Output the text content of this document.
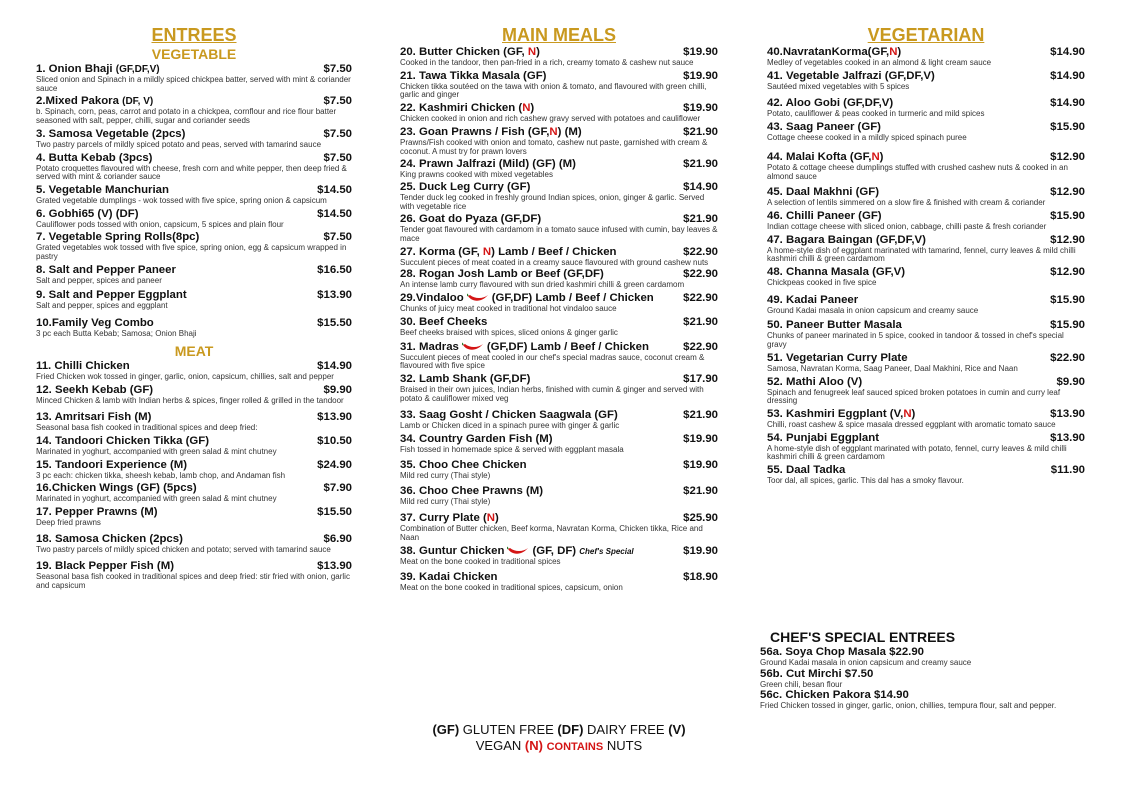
ENTREES
VEGETABLE
1. Onion Bhaji (GF,DF,V)	$7.50
Sliced onion and Spinach in a mildly spiced chickpea batter, served with mint & coriander sauce
2.Mixed Pakora (DF, V)	$7.50
b. Spinach, corn, peas, carrot and potato in a chickpea, cornflour and rice flour batter seasoned with salt, pepper, chilli, sugar and coriander seeds
3. Samosa Vegetable (2pcs)	$7.50
Two pastry parcels of mildly spiced potato and peas, served with tamarind sauce
4. Butta Kebab (3pcs)	$7.50
Potato croquettes flavoured with cheese, fresh corn and white pepper, then deep fried & served with mint & coriander sauce
5. Vegetable Manchurian	$14.50
Grated vegetable dumplings - wok tossed with five spice, spring onion & capsicum
6. Gobhi65 (V) (DF)	$14.50
Cauliflower pods tossed with onion, capsicum, 5 spices and plain flour
7. Vegetable Spring Rolls(8pc)	$7.50
Grated vegetables wok tossed with five spice, spring onion, egg & capsicum wrapped in pastry
8. Salt and Pepper Paneer	$16.50
Salt and pepper, spices and paneer
9. Salt and Pepper Eggplant	$13.90
Salt and pepper, spices and eggplant
10.Family Veg Combo	$15.50
3 pc each Butta Kebab; Samosa; Onion Bhaji
MEAT
11. Chilli Chicken	$14.90
Fried Chicken wok tossed in ginger, garlic, onion, capsicum, chillies, salt and pepper
12. Seekh Kebab (GF)	$9.90
Minced Chicken & lamb with Indian herbs & spices, finger rolled & grilled in the tandoor
13. Amritsari Fish (M)	$13.90
Seasonal basa fish cooked in traditional spices and deep fried:
14. Tandoori Chicken Tikka (GF)	$10.50
Marinated in yoghurt, accompanied with green salad & mint chutney
15. Tandoori Experience (M)	$24.90
3 pc each: chicken tikka, sheesh kebab, lamb chop, and Andaman fish
16.Chicken Wings (GF) (5pcs)	$7.90
Marinated in yoghurt, accompanied with green salad & mint chutney
17. Pepper Prawns (M)	$15.50
Deep fried prawns
18. Samosa Chicken (2pcs)	$6.90
Two pastry parcels of mildly spiced chicken and potato; served with tamarind sauce
19. Black Pepper Fish (M)	$13.90
Seasonal basa fish cooked in traditional spices and deep fried: stir fried with onion, garlic and capsicum
MAIN MEALS
20. Butter Chicken (GF, N)	$19.90
Cooked in the tandoor, then pan-fried in a rich, creamy tomato & cashew nut sauce
21. Tawa Tikka Masala (GF)	$19.90
Chicken tikka soutéed on the tawa with onion & tomato, and flavoured with green chilli, garlic and ginger
22. Kashmiri Chicken (N)	$19.90
Chicken cooked in onion and rich cashew gravy served with potatoes and cauliflower
23. Goan Prawns / Fish (GF,N) (M)	$21.90
Prawns/Fish cooked with onion and tomato, cashew nut paste, garnished with cream & coconut. A must try for prawn lovers
24. Prawn Jalfrazi (Mild) (GF) (M)	$21.90
King prawns cooked with mixed vegetables
25. Duck Leg Curry (GF)	$14.90
Tender duck leg cooked in freshly ground Indian spices, onion, ginger & garlic. Served with vegetable rice
26. Goat do Pyaza (GF,DF)	$21.90
Tender goat flavoured with cardamom in a tomato sauce infused with cumin, bay leaves & mace
27. Korma (GF, N) Lamb / Beef / Chicken	$22.90
Succulent pieces of meat coated in a creamy sauce flavoured with ground cashew nuts
28. Rogan Josh Lamb or Beef (GF,DF)	$22.90
An intense lamb curry flavoured with sun dried kashmiri chilli & green cardamom
29.Vindaloo (GF,DF) Lamb / Beef / Chicken	$22.90
Chunks of juicy meat cooked in traditional hot vindaloo sauce
30. Beef Cheeks	$21.90
Beef cheeks braised with spices, sliced onions & ginger garlic
31. Madras (GF,DF) Lamb / Beef / Chicken	$22.90
Succulent pieces of meat cooled in our chef's special madras sauce, coconut cream & flavoured with five spice
32. Lamb Shank (GF,DF)	$17.90
Braised in their own juices, Indian herbs, finished with cumin & ginger and served with potato & cauliflower mixed veg
33. Saag Gosht / Chicken Saagwala (GF)	$21.90
Lamb or Chicken diced in a spinach puree with ginger & garlic
34. Country Garden Fish (M)	$19.90
Fish tossed in homemade spice & served with eggplant masala
35. Choo Chee Chicken	$19.90
Mild red curry (Thai style)
36. Choo Chee Prawns (M)	$21.90
Mild red curry (Thai style)
37. Curry Plate (N)	$25.90
Combination of Butter chicken, Beef korma, Navratan Korma, Chicken tikka, Rice and Naan
38. Guntur Chicken (GF, DF) Chef's Special	$19.90
Meat on the bone cooked in traditional spices
39. Kadai Chicken	$18.90
Meat on the bone cooked in traditional spices, capsicum, onion
VEGETARIAN
40.NavratanKorma(GF,N)	$14.90
Medley of vegetables cooked in an almond & light cream sauce
41. Vegetable Jalfrazi (GF,DF,V)	$14.90
Sautéed mixed vegetables with 5 spices
42. Aloo Gobi (GF,DF,V)	$14.90
Potato, cauliflower & peas cooked in turmeric and mild spices
43. Saag Paneer (GF)	$15.90
Cottage cheese cooked in a mildly spiced spinach puree
44. Malai Kofta (GF,N)	$12.90
Potato & cottage cheese dumplings stuffed with crushed cashew nuts & cooked in an almond sauce
45. Daal Makhni (GF)	$12.90
A selection of lentils simmered on a slow fire & finished with cream & coriander
46. Chilli Paneer (GF)	$15.90
Indian cottage cheese with sliced onion, cabbage, chilli paste & fresh coriander
47. Bagara Baingan (GF,DF,V)	$12.90
A home-style dish of eggplant marinated with tamarind, fennel, curry leaves & mild chilli kashmiri chilli & green cardamom
48. Channa Masala (GF,V)	$12.90
Chickpeas cooked in five spice
49. Kadai Paneer	$15.90
Ground Kadai masala in onion capsicum and creamy sauce
50. Paneer Butter Masala	$15.90
Chunks of paneer marinated in 5 spice, cooked in tandoor & tossed in chef's special gravy
51. Vegetarian Curry Plate	$22.90
Samosa, Navratan Korma, Saag Paneer, Daal Makhini, Rice and Naan
52. Mathi Aloo (V)	$9.90
Spinach and fenugreek leaf sauced spiced broken potatoes in cumin and curry leaf dressing
53. Kashmiri Eggplant (V,N)	$13.90
Chilli, roast cashew & spice masala dressed eggplant with aromatic tomato sauce
54. Punjabi Eggplant	$13.90
A home-style dish of eggplant marinated with potato, fennel, curry leaves & mild chilli kashmiri chilli & green cardamom
55. Daal Tadka	$11.90
Toor dal, all spices, garlic. This dal has a smoky flavour.
CHEF'S SPECIAL ENTREES
56a. Soya Chop Masala $22.90
Ground Kadai masala in onion capsicum and creamy sauce
56b. Cut Mirchi $7.50
Green chili, besan flour
56c. Chicken Pakora $14.90
Fried Chicken tossed in ginger, garlic, onion, chillies, tempura flour, salt and pepper.
(GF) GLUTEN FREE (DF) DAIRY FREE (V)
VEGAN (N) CONTAINS NUTS
